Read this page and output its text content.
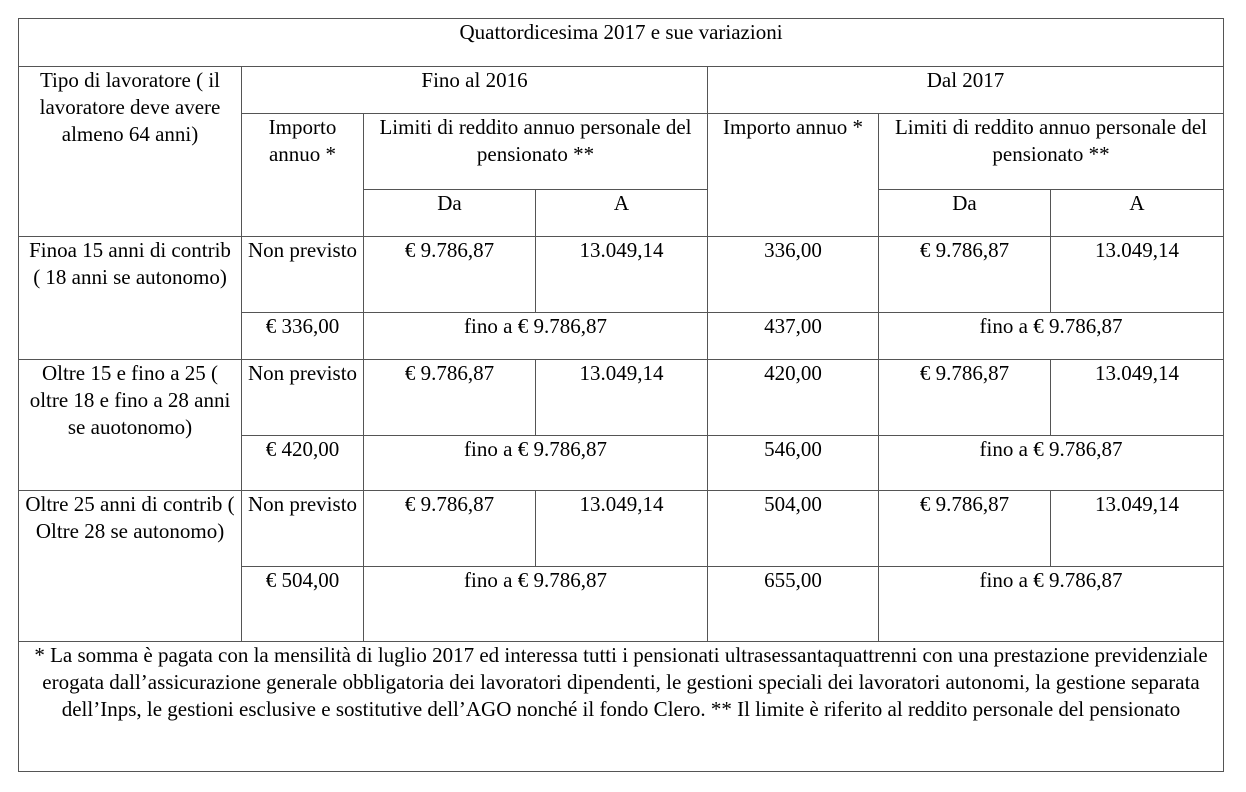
Quattordicesima 2017 e sue variazioni						
Tipo di lavoratore ( il lavoratore deve avere almeno 64 anni)	Fino al 2016			Dal 2017		
	Importo annuo *	Limiti di reddito annuo personale del pensionato **		Importo annuo *	Limiti di reddito annuo personale del pensionato **	
		Da	A		Da	A
Finoa 15 anni di contrib ( 18 anni se autonomo)	Non previsto	€ 9.786,87	13.049,14	336,00	€ 9.786,87	13.049,14
	€ 336,00	fino a € 9.786,87		437,00	fino a € 9.786,87	
Oltre 15 e fino a 25 ( oltre 18 e fino a 28 anni se auotonomo)	Non previsto	€ 9.786,87	13.049,14	420,00	€ 9.786,87	13.049,14
	€ 420,00	fino a € 9.786,87		546,00	fino a € 9.786,87	
Oltre 25 anni di contrib ( Oltre 28 se autonomo)	Non previsto	€ 9.786,87	13.049,14	504,00	€ 9.786,87	13.049,14
	€ 504,00	fino a € 9.786,87		655,00	fino a € 9.786,87	
* La somma è pagata con la mensilità di luglio 2017 ed interessa tutti i pensionati ultrasessantaquattrenni con una prestazione previdenziale erogata dall’assicurazione generale obbligatoria dei lavoratori dipendenti, le gestioni speciali dei lavoratori autonomi, la gestione separata dell’Inps, le gestioni esclusive e sostitutive dell’AGO nonché il fondo Clero. ** Il limite è riferito al reddito personale del pensionato						
